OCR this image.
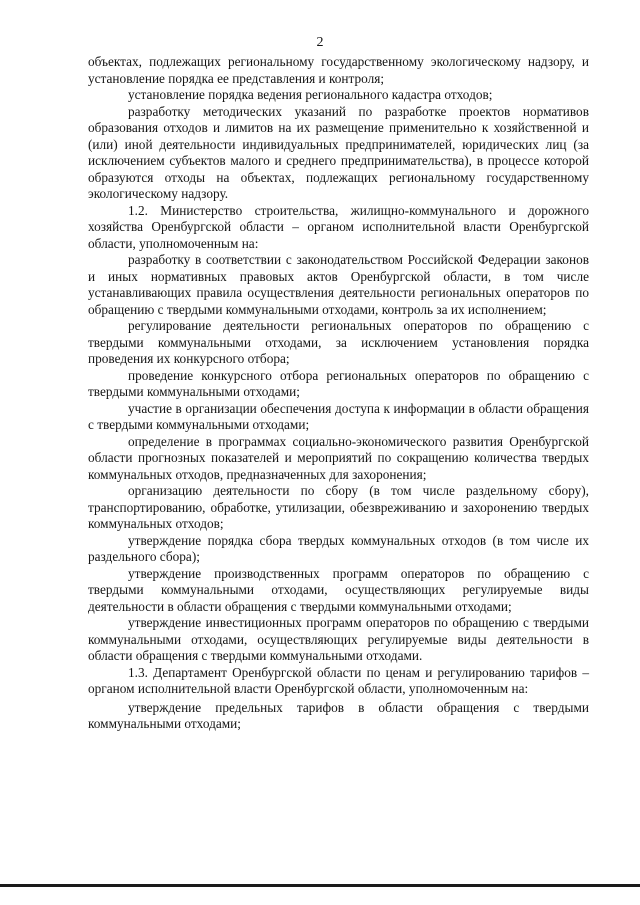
2

объектах, подлежащих региональному государственному экологическому надзору, и установление порядка ее представления и контроля;

установление порядка ведения регионального кадастра отходов;

разработку методических указаний по разработке проектов нормативов образования отходов и лимитов на их размещение применительно к хозяйственной и (или) иной деятельности индивидуальных предпринимателей, юридических лиц (за исключением субъектов малого и среднего предпринимательства), в процессе которой образуются отходы на объектах, подлежащих региональному государственному экологическому надзору.

1.2. Министерство строительства, жилищно-коммунального и дорожного хозяйства Оренбургской области – органом исполнительной власти Оренбургской области, уполномоченным на:

разработку в соответствии с законодательством Российской Федерации законов и иных нормативных правовых актов Оренбургской области, в том числе устанавливающих правила осуществления деятельности региональных операторов по обращению с твердыми коммунальными отходами, контроль за их исполнением;

регулирование деятельности региональных операторов по обращению с твердыми коммунальными отходами, за исключением установления порядка проведения их конкурсного отбора;

проведение конкурсного отбора региональных операторов по обращению с твердыми коммунальными отходами;

участие в организации обеспечения доступа к информации в области обращения с твердыми коммунальными отходами;

определение в программах социально-экономического развития Оренбургской области прогнозных показателей и мероприятий по сокращению количества твердых коммунальных отходов, предназначенных для захоронения;

организацию деятельности по сбору (в том числе раздельному сбору), транспортированию, обработке, утилизации, обезвреживанию и захоронению твердых коммунальных отходов;

утверждение порядка сбора твердых коммунальных отходов (в том числе их раздельного сбора);

утверждение производственных программ операторов по обращению с твердыми коммунальными отходами, осуществляющих регулируемые виды деятельности в области обращения с твердыми коммунальными отходами;

утверждение инвестиционных программ операторов по обращению с твердыми коммунальными отходами, осуществляющих регулируемые виды деятельности в области обращения с твердыми коммунальными отходами.

1.3. Департамент Оренбургской области по ценам и регулированию тарифов – органом исполнительной власти Оренбургской области, уполномоченным на:

утверждение предельных тарифов в области обращения с твердыми коммунальными отходами;
